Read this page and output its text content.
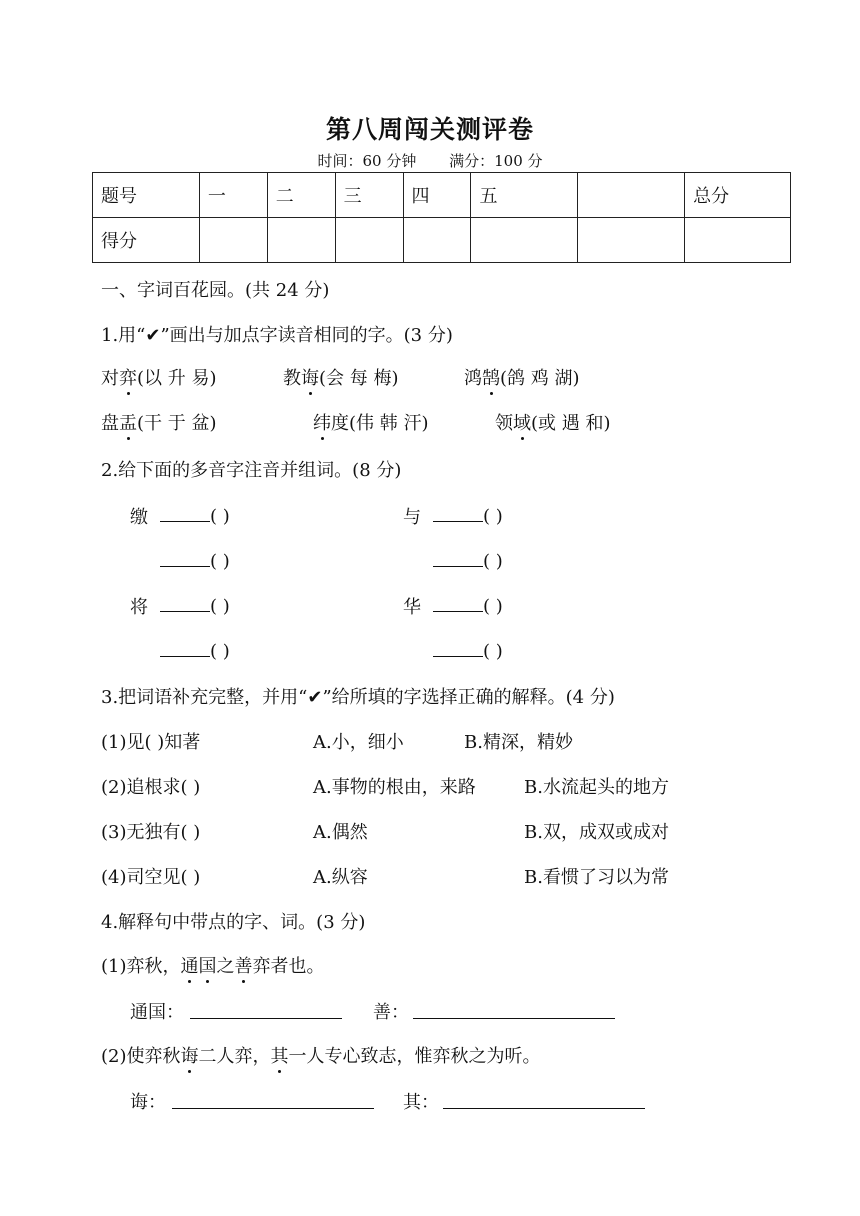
第八周闯关测评卷
时间：60 分钟 满分：100 分
题号	一	二	三	四	五		总分
得分							
一、字词百花园。(共 24 分)
1.用“✔”画出与加点字读音相同的字。(3 分)
对弈(以 升 易)	教诲(会 每 梅)	鸿鹄(鸽 鸡 湖)
盘盂(干 于 盆)	纬度(伟 韩 汗)	领域(或 遇 和)
2.给下面的多音字注音并组词。(8 分)
缴	( )	与	( )
( )	( )
将	( )	华	( )
( )	( )
3.把词语补充完整，并用“✔”给所填的字选择正确的解释。(4 分)
(1)见( )知著	A.小，细小	B.精深，精妙
(2)追根求( )	A.事物的根由，来路	B.水流起头的地方
(3)无独有( )	A.偶然	B.双，成双或成对
(4)司空见( )	A.纵容	B.看惯了习以为常
4.解释句中带点的字、词。(3 分)
(1)弈秋，通国之善弈者也。
通国：	善：
(2)使弈秋诲二人弈，其一人专心致志，惟弈秋之为听。
诲：	其：
